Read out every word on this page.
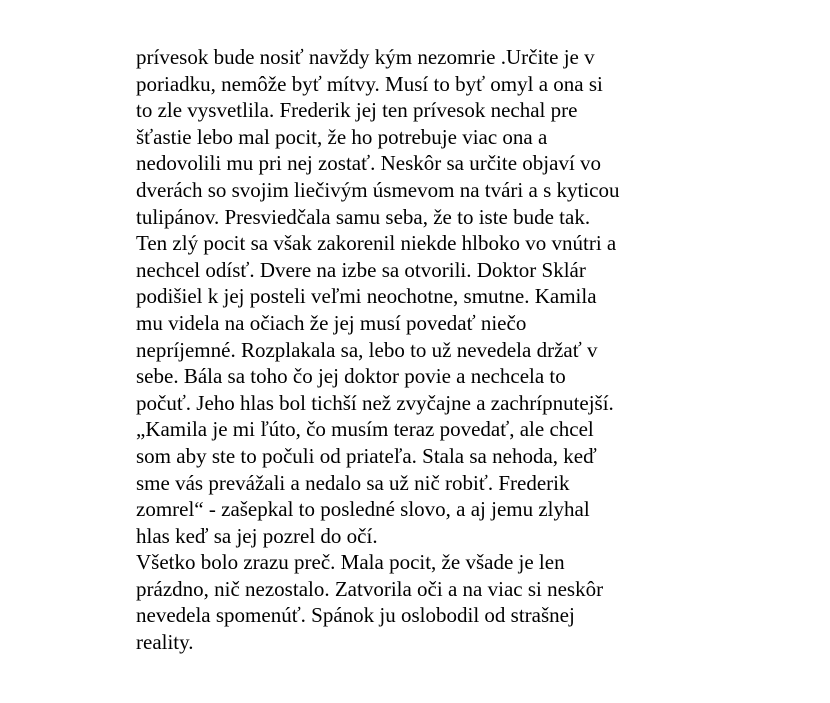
prívesok bude nosiť navždy kým nezomrie .Určite je v
poriadku, nemôže byť mítvy. Musí to byť omyl a ona si
to zle vysvetlila. Frederik jej ten prívesok nechal pre
šťastie lebo mal pocit, že ho potrebuje viac ona a
nedovolili mu pri nej zostať. Neskôr sa určite objaví vo
dverách so svojim liečivým úsmevom na tvári a s kyticou
tulipánov. Presviedčala samu seba, že to iste bude tak.
Ten zlý pocit sa však zakorenil niekde hlboko vo vnútri a
nechcel odísť. Dvere na izbe sa otvorili. Doktor Sklár
podišiel k jej posteli veľmi neochotne, smutne. Kamila
mu videla na očiach že jej musí povedať niečo
nepríjemné. Rozplakala sa, lebo to už nevedela držať v
sebe. Bála sa toho čo jej doktor povie a nechcela to
počuť. Jeho hlas bol tichší než zvyčajne a zachrípnutejší.
„Kamila je mi ľúto, čo musím teraz povedať, ale chcel
som aby ste to počuli od priateľa. Stala sa nehoda, keď
sme vás prevážali a nedalo sa už nič robiť. Frederik
zomrel“ - zašepkal to posledné slovo, a aj jemu zlyhal
hlas keď sa jej pozrel do očí.
Všetko bolo zrazu preč. Mala pocit, že všade je len
prázdno, nič nezostalo. Zatvorila oči a na viac si neskôr
nevedela spomenúť. Spánok ju oslobodil od strašnej
reality.
